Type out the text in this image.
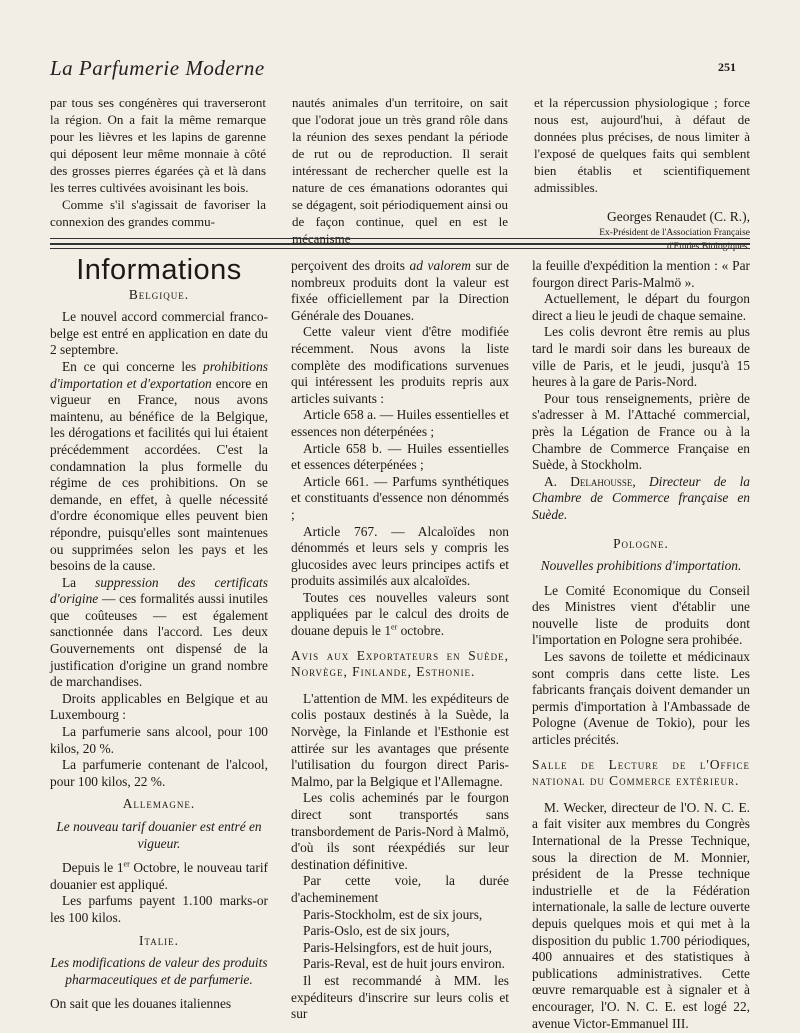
La Parfumerie Moderne	251

par tous ses congénères qui traverseront la région. On a fait la même remarque pour les lièvres et les lapins de garenne qui déposent leur même monnaie à côté des grosses pierres égarées çà et là dans les terres cultivées avoisinant les bois.

Comme s'il s'agissait de favoriser la connexion des grandes commu-

nautés animales d'un territoire, on sait que l'odorat joue un très grand rôle dans la réunion des sexes pendant la période de rut ou de reproduction. Il serait intéressant de rechercher quelle est la nature de ces émanations odorantes qui se dégagent, soit périodiquement ainsi ou de façon continue, quel en est le mécanisme

et la répercussion physiologique ; force nous est, aujourd'hui, à défaut de données plus précises, de nous limiter à l'exposé de quelques faits qui semblent bien établis et scientifiquement admissibles.

Georges Renaudet (C. R.),
Ex-Président de l'Association Française
d'Etudes Biologiques.
Informations
Belgique.

Le nouvel accord commercial franco-belge est entré en application en date du 2 septembre.

En ce qui concerne les prohibitions d'importation et d'exportation encore en vigueur en France, nous avons maintenu, au bénéfice de la Belgique, les dérogations et facilités qui lui étaient précédemment accordées. C'est la condamnation la plus formelle du régime de ces prohibitions. On se demande, en effet, à quelle nécessité d'ordre économique elles peuvent bien répondre, puisqu'elles sont maintenues ou supprimées selon les pays et les besoins de la cause.

La suppression des certificats d'origine — ces formalités aussi inutiles que coûteuses — est également sanctionnée dans l'accord. Les deux Gouvernements ont dispensé de la justification d'origine un grand nombre de marchandises.

Droits applicables en Belgique et au Luxembourg :

La parfumerie sans alcool, pour 100 kilos, 20 %.

La parfumerie contenant de l'alcool, pour 100 kilos, 22 %.

Allemagne.
Le nouveau tarif douanier est entré en vigueur.

Depuis le 1er Octobre, le nouveau tarif douanier est appliqué.

Les parfums payent 1.100 marks-or les 100 kilos.

Italie.
Les modifications de valeur des produits pharmaceutiques et de parfumerie.

On sait que les douanes italiennes

perçoivent des droits ad valorem sur de nombreux produits dont la valeur est fixée officiellement par la Direction Générale des Douanes.

Cette valeur vient d'être modifiée récemment. Nous avons la liste complète des modifications survenues qui intéressent les produits repris aux articles suivants :

Article 658 a. — Huiles essentielles et essences non déterpénées ;

Article 658 b. — Huiles essentielles et essences déterpénées ;

Article 661. — Parfums synthétiques et constituants d'essence non dénommés ;

Article 767. — Alcaloïdes non dénommés et leurs sels y compris les glucosides avec leurs principes actifs et produits assimilés aux alcaloïdes.

Toutes ces nouvelles valeurs sont appliquées par le calcul des droits de douane depuis le 1er octobre.

Avis aux Exportateurs en Suède, Norvège, Finlande, Esthonie.

L'attention de MM. les expéditeurs de colis postaux destinés à la Suède, la Norvège, la Finlande et l'Esthonie est attirée sur les avantages que présente l'utilisation du fourgon direct Paris-Malmo, par la Belgique et l'Allemagne.

Les colis acheminés par le fourgon direct sont transportés sans transbordement de Paris-Nord à Malmö, d'où ils sont réexpédiés sur leur destination définitive.

Par cette voie, la durée d'acheminement

Paris-Stockholm, est de six jours,

Paris-Oslo, est de six jours,

Paris-Helsingfors, est de huit jours,

Paris-Reval, est de huit jours environ.

Il est recommandé à MM. les expéditeurs d'inscrire sur leurs colis et sur

la feuille d'expédition la mention : « Par fourgon direct Paris-Malmö ».

Actuellement, le départ du fourgon direct a lieu le jeudi de chaque semaine.

Les colis devront être remis au plus tard le mardi soir dans les bureaux de ville de Paris, et le jeudi, jusqu'à 15 heures à la gare de Paris-Nord.

Pour tous renseignements, prière de s'adresser à M. l'Attaché commercial, près la Légation de France ou à la Chambre de Commerce Française en Suède, à Stockholm.

A. Delahousse, Directeur de la Chambre de Commerce française en Suède.

Pologne.
Nouvelles prohibitions d'importation.

Le Comité Economique du Conseil des Ministres vient d'établir une nouvelle liste de produits dont l'importation en Pologne sera prohibée.

Les savons de toilette et médicinaux sont compris dans cette liste. Les fabricants français doivent demander un permis d'importation à l'Ambassade de Pologne (Avenue de Tokio), pour les articles précités.

Salle de Lecture de l'Office national du Commerce extérieur.

M. Wecker, directeur de l'O. N. C. E. a fait visiter aux membres du Congrès International de la Presse Technique, sous la direction de M. Monnier, président de la Presse technique industrielle et de la Fédération internationale, la salle de lecture ouverte depuis quelques mois et qui met à la disposition du public 1.700 périodiques, 400 annuaires et des statistiques à publications administratives. Cette œuvre remarquable est à signaler et à encourager, l'O. N. C. E. est logé 22, avenue Victor-Emmanuel III.
